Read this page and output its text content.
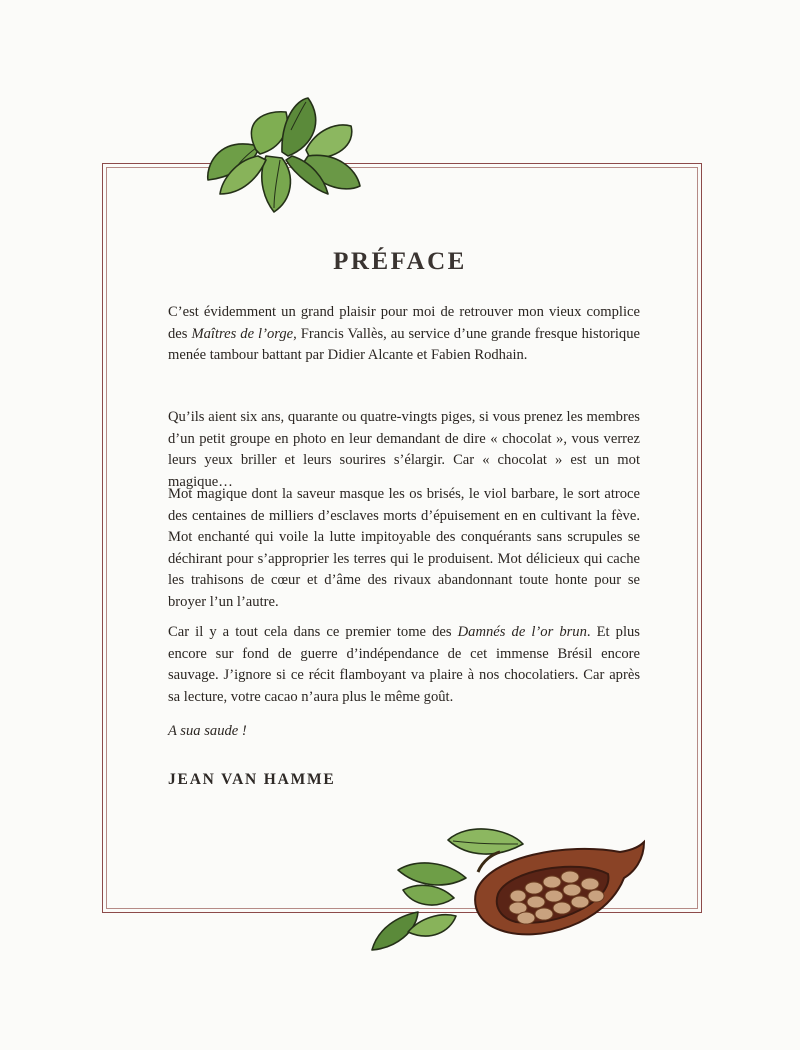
PRÉFACE
C’est évidemment un grand plaisir pour moi de retrouver mon vieux complice des Maîtres de l’orge, Francis Vallès, au service d’une grande fresque historique menée tambour battant par Didier Alcante et Fabien Rodhain.
Qu’ils aient six ans, quarante ou quatre-vingts piges, si vous prenez les membres d’un petit groupe en photo en leur demandant de dire « chocolat », vous verrez leurs yeux briller et leurs sourires s’élargir. Car « chocolat » est un mot magique…
Mot magique dont la saveur masque les os brisés, le viol barbare, le sort atroce des centaines de milliers d’esclaves morts d’épuisement en en cultivant la fève. Mot enchanté qui voile la lutte impitoyable des conquérants sans scrupules se déchirant pour s’approprier les terres qui le produisent. Mot délicieux qui cache les trahisons de cœur et d’âme des rivaux abandonnant toute honte pour se broyer l’un l’autre.
Car il y a tout cela dans ce premier tome des Damnés de l’or brun. Et plus encore sur fond de guerre d’indépendance de cet immense Brésil encore sauvage. J’ignore si ce récit flamboyant va plaire à nos chocolatiers. Car après sa lecture, votre cacao n’aura plus le même goût.
A sua saude !
JEAN VAN HAMME
